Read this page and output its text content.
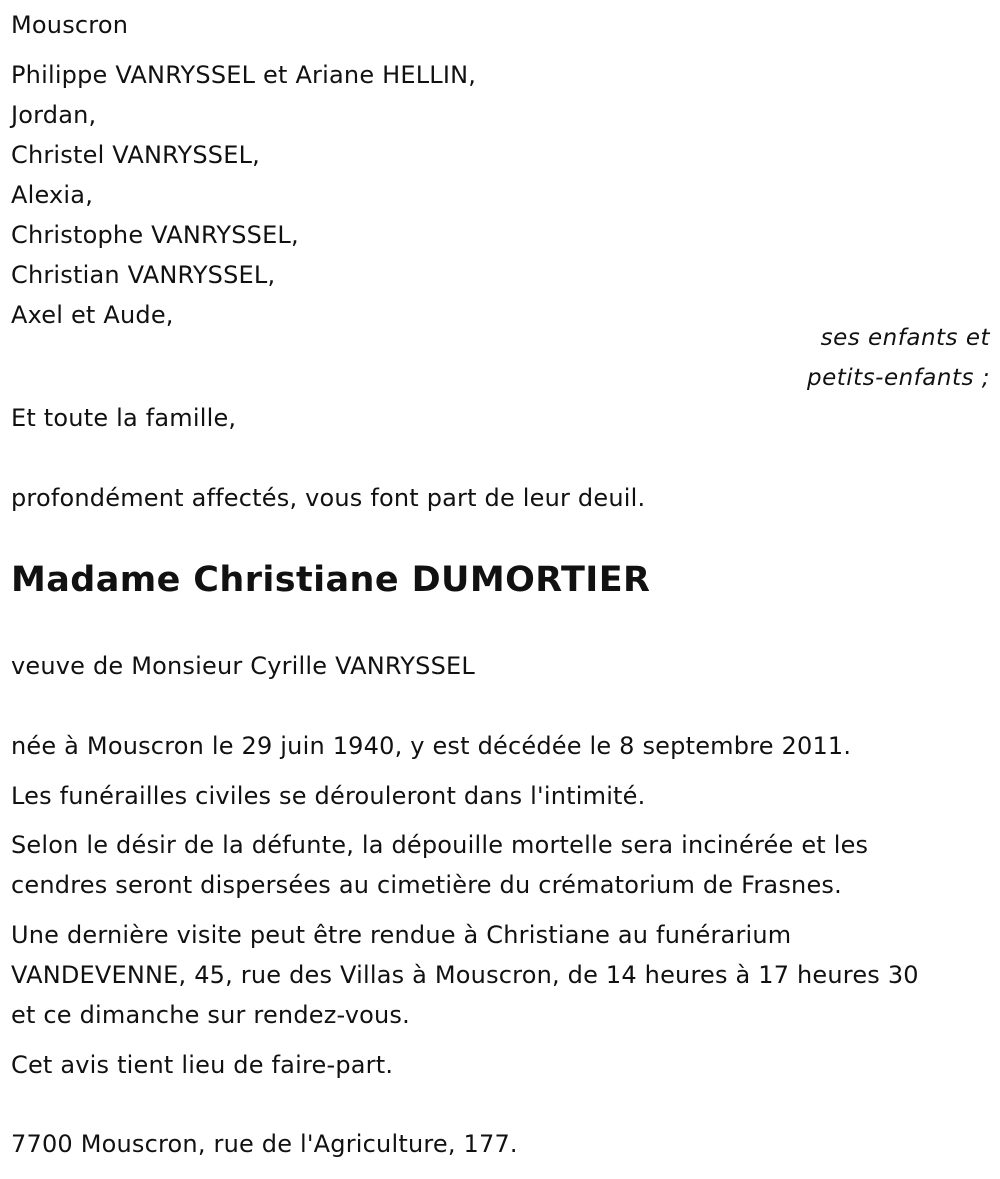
Mouscron
Philippe VANRYSSEL et Ariane HELLIN,
Jordan,
Christel VANRYSSEL,
Alexia,
Christophe VANRYSSEL,
Christian VANRYSSEL,
Axel et Aude,
ses enfants et
petits-enfants ;
Et toute la famille,
profondément affectés, vous font part de leur deuil.
Madame Christiane DUMORTIER
veuve de Monsieur Cyrille VANRYSSEL
née à Mouscron le 29 juin 1940, y est décédée le 8 septembre 2011.
Les funérailles civiles se dérouleront dans l'intimité.
Selon le désir de la défunte, la dépouille mortelle sera incinérée et les
cendres seront dispersées au cimetière du crématorium de Frasnes.
Une dernière visite peut être rendue à Christiane au funérarium
VANDEVENNE, 45, rue des Villas à Mouscron, de 14 heures à 17 heures 30
et ce dimanche sur rendez-vous.
Cet avis tient lieu de faire-part.
7700 Mouscron, rue de l'Agriculture, 177.
